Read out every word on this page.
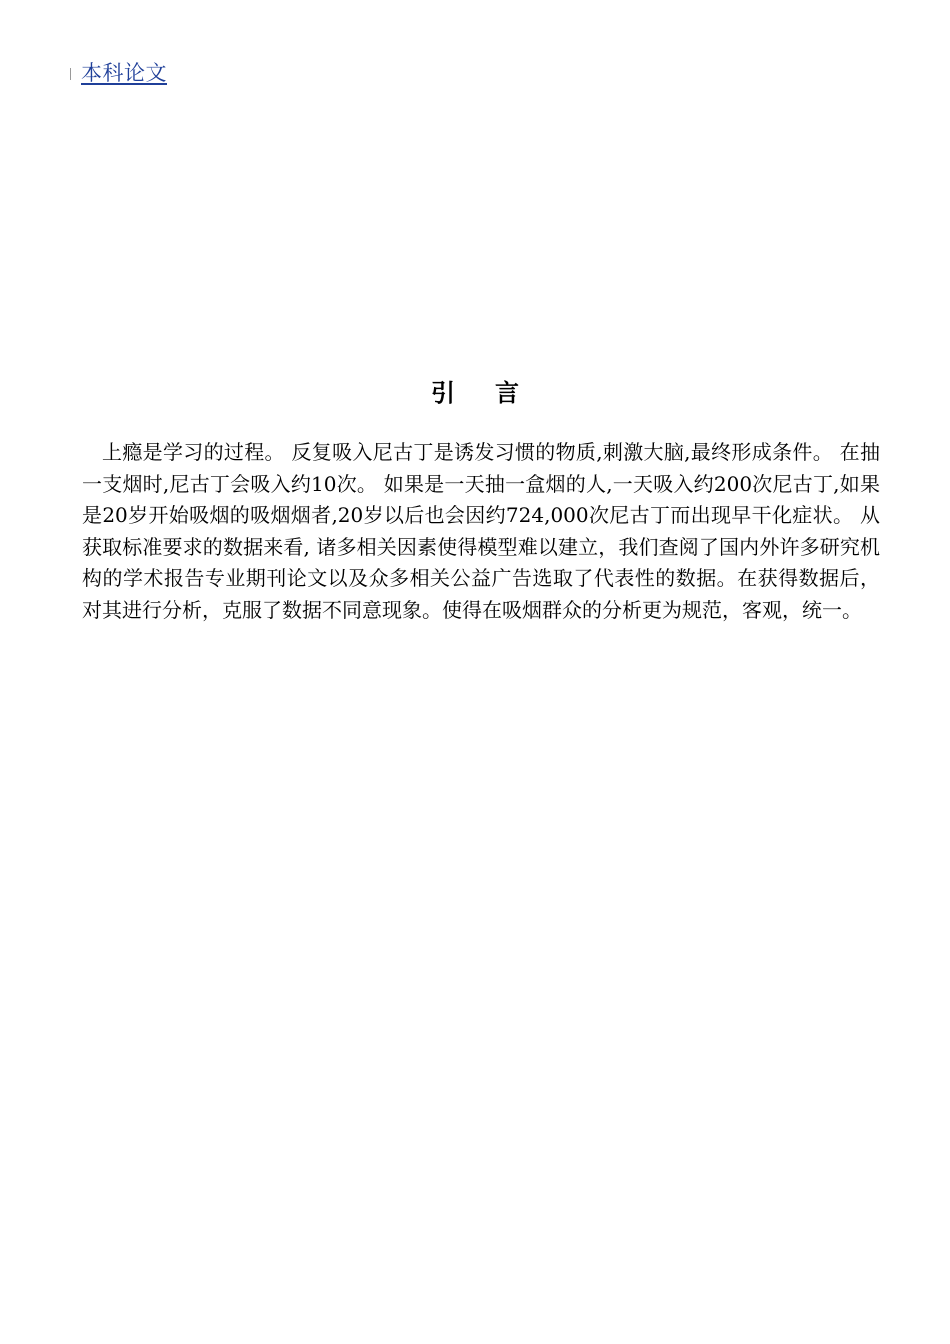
本科论文
引言

上瘾是学习的过程。 反复吸入尼古丁是诱发习惯的物质,刺激大脑,最终形成条件。 在抽一支烟时,尼古丁会吸入约10次。 如果是一天抽一盒烟的人,一天吸入约200次尼古丁,如果是20岁开始吸烟的吸烟烟者,20岁以后也会因约724,000次尼古丁而出现早干化症状。 从获取标准要求的数据来看, 诸多相关因素使得模型难以建立，我们查阅了国内外许多研究机构的学术报告专业期刊论文以及众多相关公益广告选取了代表性的数据。在获得数据后，对其进行分析，克服了数据不同意现象。使得在吸烟群众的分析更为规范，客观，统一。
